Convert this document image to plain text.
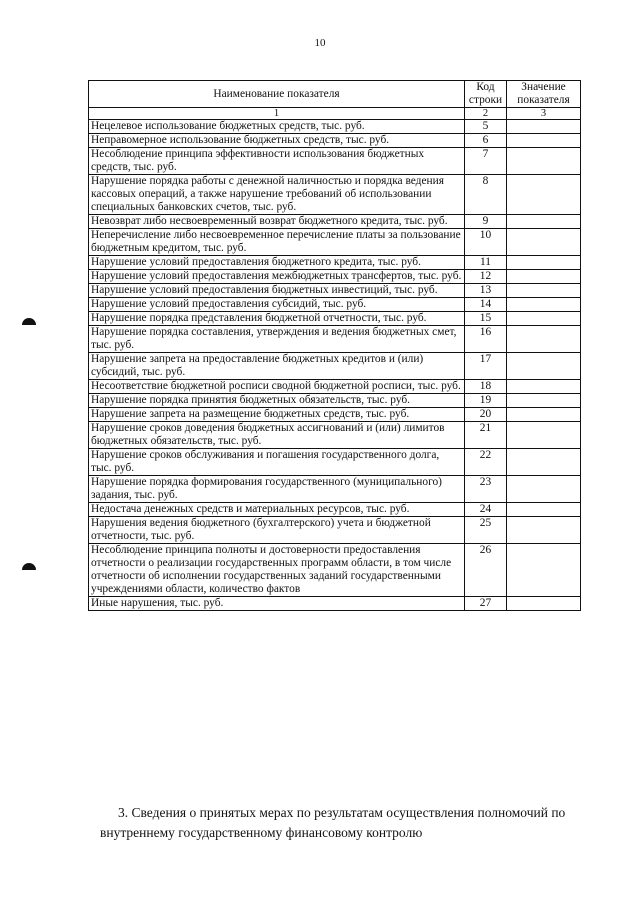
10
Наименование показателя	Код строки	Значение показателя
1	2	3
Нецелевое использование бюджетных средств, тыс. руб.	5	
Неправомерное использование бюджетных средств, тыс. руб.	6	
Несоблюдение принципа эффективности использования бюджетных средств, тыс. руб.	7	
Нарушение порядка работы с денежной наличностью и порядка ведения кассовых операций, а также нарушение требований об использовании специальных банковских счетов, тыс. руб.	8	
Невозврат либо несвоевременный возврат бюджетного кредита, тыс. руб.	9	
Неперечисление либо несвоевременное перечисление платы за пользование бюджетным кредитом, тыс. руб.	10	
Нарушение условий предоставления бюджетного кредита, тыс. руб.	11	
Нарушение условий предоставления межбюджетных трансфертов, тыс. руб.	12	
Нарушение условий предоставления бюджетных инвестиций, тыс. руб.	13	
Нарушение условий предоставления субсидий, тыс. руб.	14	
Нарушение порядка представления бюджетной отчетности, тыс. руб.	15	
Нарушение порядка составления, утверждения и ведения бюджетных смет, тыс. руб.	16	
Нарушение запрета на предоставление бюджетных кредитов и (или) субсидий, тыс. руб.	17	
Несоответствие бюджетной росписи сводной бюджетной росписи, тыс. руб.	18	
Нарушение порядка принятия бюджетных обязательств, тыс. руб.	19	
Нарушение запрета на размещение бюджетных средств, тыс. руб.	20	
Нарушение сроков доведения бюджетных ассигнований и (или) лимитов бюджетных обязательств, тыс. руб.	21	
Нарушение сроков обслуживания и погашения государственного долга, тыс. руб.	22	
Нарушение порядка формирования государственного (муниципального) задания, тыс. руб.	23	
Недостача денежных средств и материальных ресурсов, тыс. руб.	24	
Нарушения ведения бюджетного (бухгалтерского) учета и бюджетной отчетности, тыс. руб.	25	
Несоблюдение принципа полноты и достоверности предоставления отчетности о реализации государственных программ области, в том числе отчетности об исполнении государственных заданий государственными учреждениями области, количество фактов	26	
Иные нарушения, тыс. руб.	27	
3. Сведения о принятых мерах по результатам осуществления полномочий по внутреннему государственному финансовому контролю
